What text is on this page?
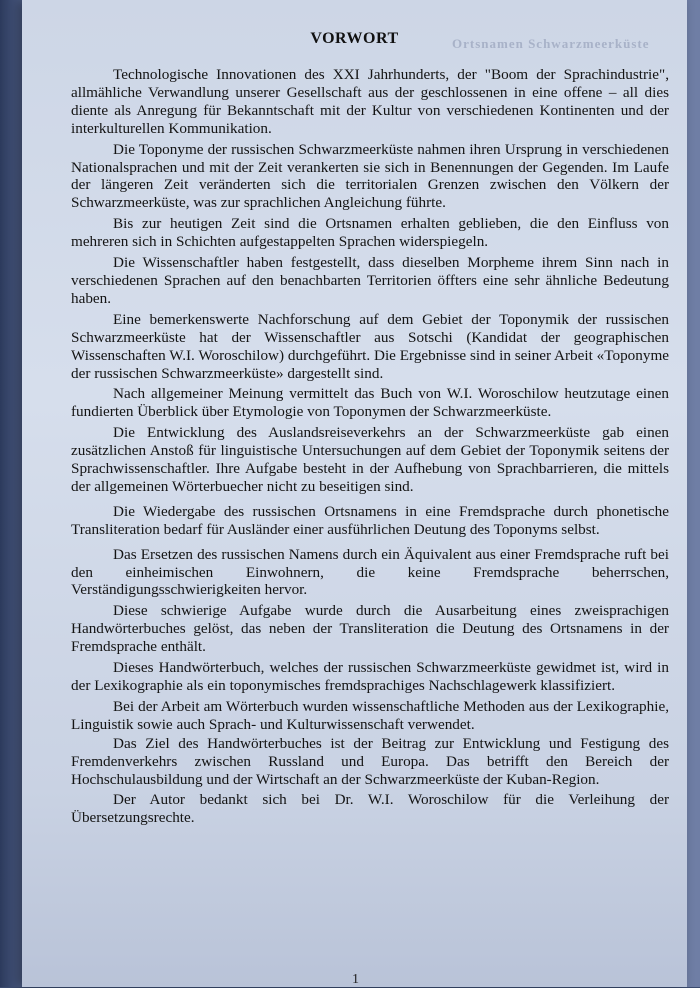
Ortsnamen Schwarzmeerküste
VORWORT

Technologische Innovationen des XXI Jahrhunderts, der "Boom der Sprachindustrie", allmähliche Verwandlung unserer Gesellschaft aus der geschlossenen in eine offene – all dies diente als Anregung für Bekanntschaft mit der Kultur von verschiedenen Kontinenten und der interkulturellen Kommunikation.

Die Toponyme der russischen Schwarzmeerküste nahmen ihren Ursprung in verschiedenen Nationalsprachen und mit der Zeit verankerten sie sich in Benennungen der Gegenden. Im Laufe der längeren Zeit veränderten sich die territorialen Grenzen zwischen den Völkern der Schwarzmeerküste, was zur sprachlichen Angleichung führte.

Bis zur heutigen Zeit sind die Ortsnamen erhalten geblieben, die den Einfluss von mehreren sich in Schichten aufgestappelten Sprachen widerspiegeln.

Die Wissenschaftler haben festgestellt, dass dieselben Morpheme ihrem Sinn nach in verschiedenen Sprachen auf den benachbarten Territorien öffters eine sehr ähnliche Bedeutung haben.

Eine bemerkenswerte Nachforschung auf dem Gebiet der Toponymik der russischen Schwarzmeerküste hat der Wissenschaftler aus Sotschi (Kandidat der geographischen Wissenschaften W.I. Woroschilow) durchgeführt. Die Ergebnisse sind in seiner Arbeit «Toponyme der russischen Schwarzmeerküste» dargestellt sind.

Nach allgemeiner Meinung vermittelt das Buch von W.I. Woroschilow heutzutage einen fundierten Überblick über Etymologie von Toponymen der Schwarzmeerküste.

Die Entwicklung des Auslandsreiseverkehrs an der Schwarzmeerküste gab einen zusätzlichen Anstoß für linguistische Untersuchungen auf dem Gebiet der Toponymik seitens der Sprachwissenschaftler. Ihre Aufgabe besteht in der Aufhebung von Sprachbarrieren, die mittels der allgemeinen Wörterbuecher nicht zu beseitigen sind.

Die Wiedergabe des russischen Ortsnamens in eine Fremdsprache durch phonetische Transliteration bedarf für Ausländer einer ausführlichen Deutung des Toponyms selbst.

Das Ersetzen des russischen Namens durch ein Äquivalent aus einer Fremdsprache ruft bei den einheimischen Einwohnern, die keine Fremdsprache beherrschen, Verständigungsschwierigkeiten hervor.

Diese schwierige Aufgabe wurde durch die Ausarbeitung eines zweisprachigen Handwörterbuches gelöst, das neben der Transliteration die Deutung des Ortsnamens in der Fremdsprache enthält.

Dieses Handwörterbuch, welches der russischen Schwarzmeerküste gewidmet ist, wird in der Lexikographie als ein toponymisches fremdsprachiges Nachschlagewerk klassifiziert.

Bei der Arbeit am Wörterbuch wurden wissenschaftliche Methoden aus der Lexikographie, Linguistik sowie auch Sprach- und Kulturwissenschaft verwendet.

Das Ziel des Handwörterbuches ist der Beitrag zur Entwicklung und Festigung des Fremdenverkehrs zwischen Russland und Europa. Das betrifft den Bereich der Hochschulausbildung und der Wirtschaft an der Schwarzmeerküste der Kuban-Region.

Der Autor bedankt sich bei Dr. W.I. Woroschilow für die Verleihung der Übersetzungsrechte.

1
